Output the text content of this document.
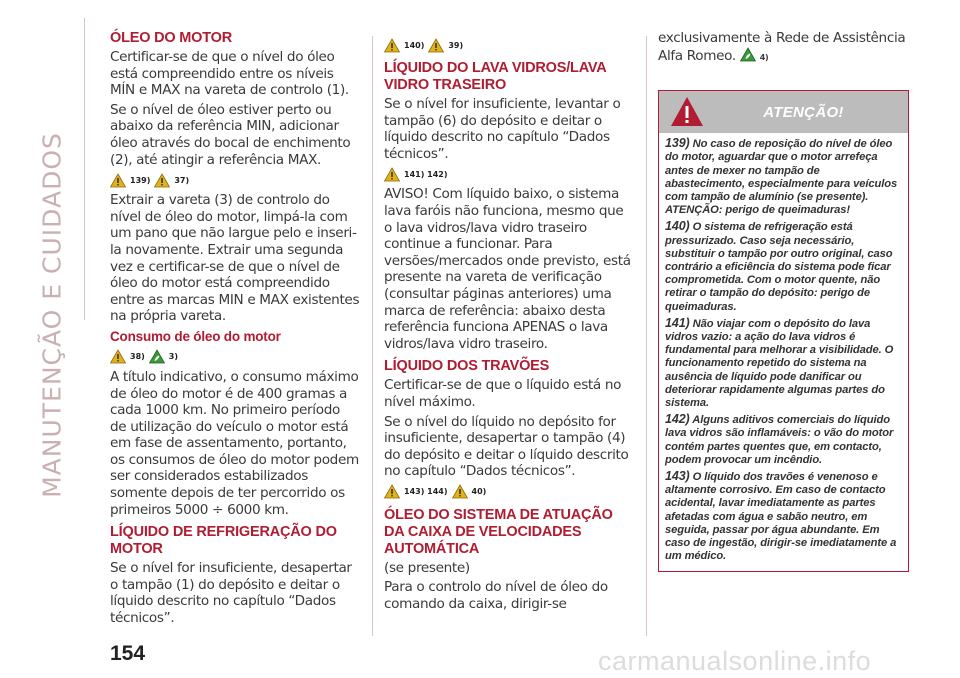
MANUTENÇÃO E CUIDADOS
ÓLEO DO MOTOR

Certificar-se de que o nível do óleo está compreendido entre os níveis MÍN e MAX na vareta de controlo (1).

Se o nível de óleo estiver perto ou abaixo da referência MIN, adicionar óleo através do bocal de enchimento (2), até atingir a referência MAX.

139)	37)

Extrair a vareta (3) de controlo do nível de óleo do motor, limpá-la com um pano que não largue pelo e inseri-la novamente. Extrair uma segunda vez e certificar-se de que o nível de óleo do motor está compreendido entre as marcas MIN e MAX existentes na própria vareta.

Consumo de óleo do motor
38)	3)

A título indicativo, o consumo máximo de óleo do motor é de 400 gramas a cada 1000 km. No primeiro período de utilização do veículo o motor está em fase de assentamento, portanto, os consumos de óleo do motor podem ser considerados estabilizados somente depois de ter percorrido os primeiros 5000 ÷ 6000 km.

LÍQUIDO DE REFRIGERAÇÃO DO MOTOR

Se o nível for insuficiente, desapertar o tampão (1) do depósito e deitar o líquido descrito no capítulo “Dados técnicos”.

140)	39)
LÍQUIDO DO LAVA VIDROS/LAVA VIDRO TRASEIRO

Se o nível for insuficiente, levantar o tampão (6) do depósito e deitar o líquido descrito no capítulo “Dados técnicos”.

141) 142)

AVISO! Com líquido baixo, o sistema lava faróis não funciona, mesmo que o lava vidros/lava vidro traseiro continue a funcionar. Para versões/mercados onde previsto, está presente na vareta de verificação (consultar páginas anteriores) uma marca de referência: abaixo desta referência funciona APENAS o lava vidros/lava vidro traseiro.

LÍQUIDO DOS TRAVÕES

Certificar-se de que o líquido está no nível máximo.

Se o nível do líquido no depósito for insuficiente, desapertar o tampão (4) do depósito e deitar o líquido descrito no capítulo “Dados técnicos”.

143) 144)	40)
ÓLEO DO SISTEMA DE ATUAÇÃO DA CAIXA DE VELOCIDADES AUTOMÁTICA

(se presente)

Para o controlo do nível de óleo do comando da caixa, dirigir-se

exclusivamente à Rede de Assistência Alfa Romeo.	4)

ATENÇÃO!

139) No caso de reposição do nível de óleo do motor, aguardar que o motor arrefeça antes de mexer no tampão de abastecimento, especialmente para veículos com tampão de alumínio (se presente). ATENÇÃO: perigo de queimaduras!

140) O sistema de refrigeração está pressurizado. Caso seja necessário, substituir o tampão por outro original, caso contrário a eficiência do sistema pode ficar comprometida. Com o motor quente, não retirar o tampão do depósito: perigo de queimaduras.

141) Não viajar com o depósito do lava vidros vazio: a ação do lava vidros é fundamental para melhorar a visibilidade. O funcionamento repetido do sistema na ausência de líquido pode danificar ou deteriorar rapidamente algumas partes do sistema.

142) Alguns aditivos comerciais do líquido lava vidros são inflamáveis: o vão do motor contém partes quentes que, em contacto, podem provocar um incêndio.

143) O líquido dos travões é venenoso e altamente corrosivo. Em caso de contacto acidental, lavar imediatamente as partes afetadas com água e sabão neutro, em seguida, passar por água abundante. Em caso de ingestão, dirigir-se imediatamente a um médico.

154	carmanualsonline.info
